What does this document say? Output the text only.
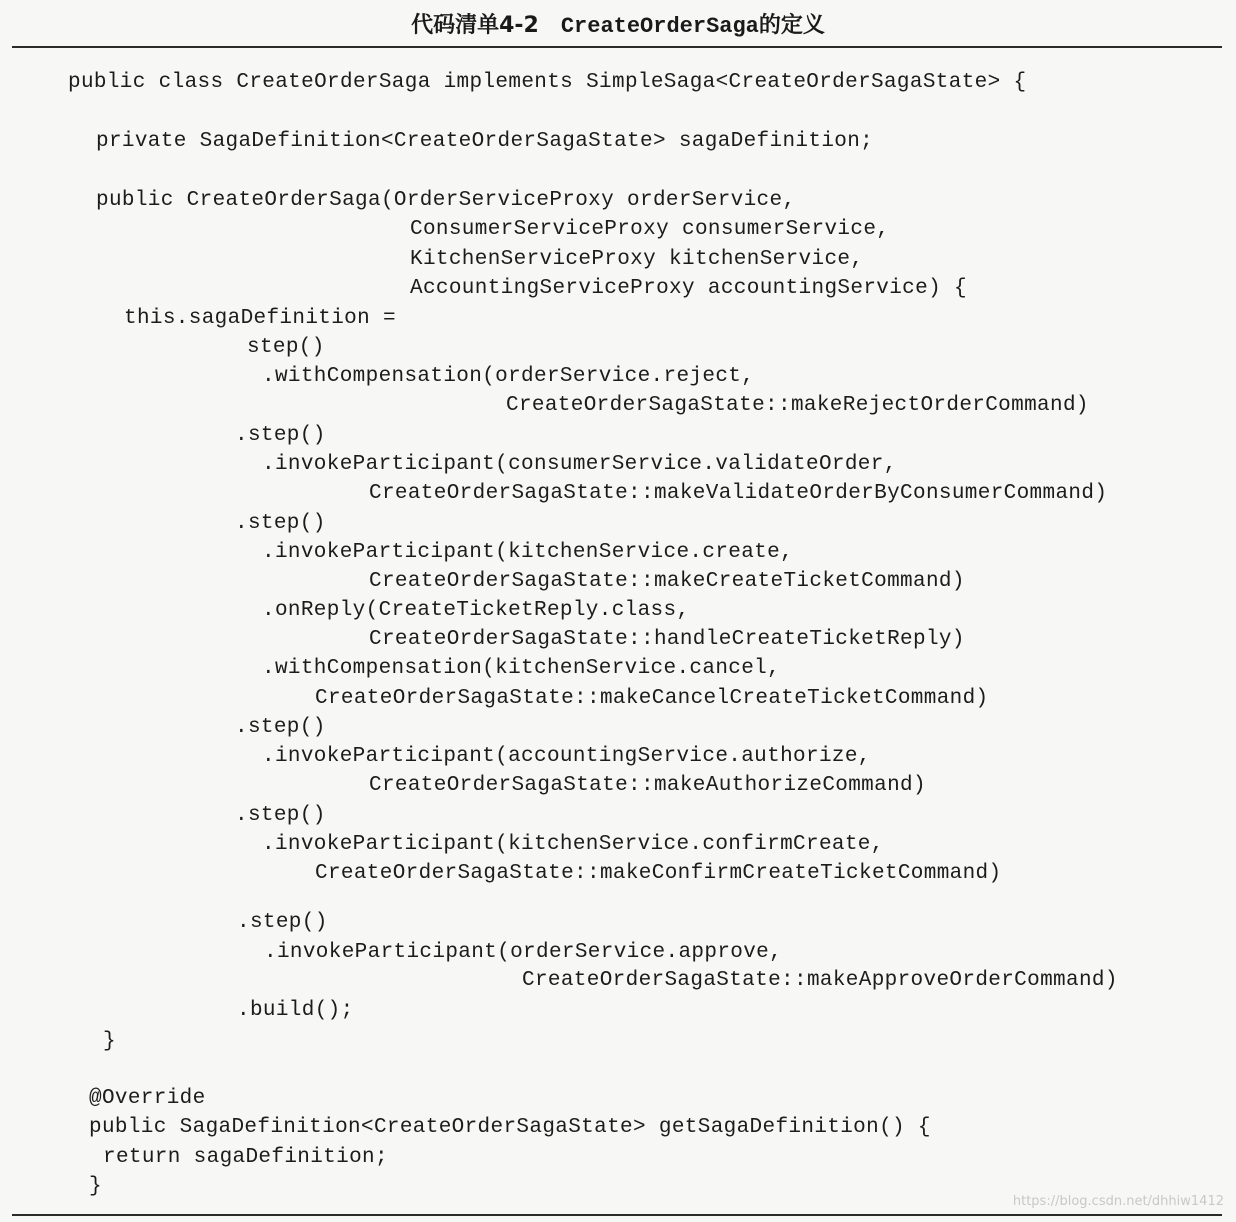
代码清单4-2 CreateOrderSaga的定义
public class CreateOrderSaga implements SimpleSaga<CreateOrderSagaState> {
private SagaDefinition<CreateOrderSagaState> sagaDefinition;
public CreateOrderSaga(OrderServiceProxy orderService,
ConsumerServiceProxy consumerService,
KitchenServiceProxy kitchenService,
AccountingServiceProxy accountingService) {
this.sagaDefinition =
step()
.withCompensation(orderService.reject,
CreateOrderSagaState::makeRejectOrderCommand)
.step()
.invokeParticipant(consumerService.validateOrder,
CreateOrderSagaState::makeValidateOrderByConsumerCommand)
.step()
.invokeParticipant(kitchenService.create,
CreateOrderSagaState::makeCreateTicketCommand)
.onReply(CreateTicketReply.class,
CreateOrderSagaState::handleCreateTicketReply)
.withCompensation(kitchenService.cancel,
CreateOrderSagaState::makeCancelCreateTicketCommand)
.step()
.invokeParticipant(accountingService.authorize,
CreateOrderSagaState::makeAuthorizeCommand)
.step()
.invokeParticipant(kitchenService.confirmCreate,
CreateOrderSagaState::makeConfirmCreateTicketCommand)
.step()
.invokeParticipant(orderService.approve,
CreateOrderSagaState::makeApproveOrderCommand)
.build();
}
@Override
public SagaDefinition<CreateOrderSagaState> getSagaDefinition() {
return sagaDefinition;
}
https://blog.csdn.net/dhhiw1412
